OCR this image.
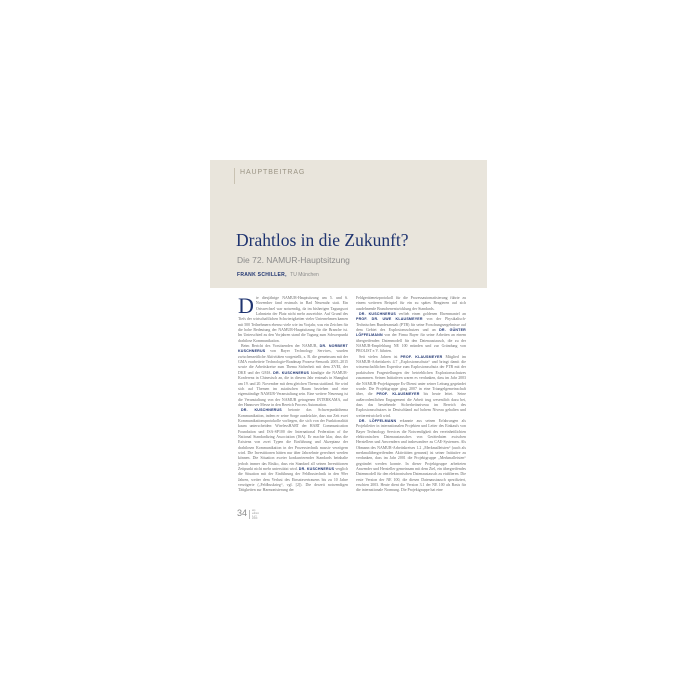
HAUPTBEITRAG
Drahtlos in die Zukunft?
Die 72. NAMUR-Hauptsitzung
FRANK SCHILLER, TU München

Die diesjährige NAMUR-Hauptsitzung am 5. und 6. November fand erstmals in Bad Neuenahr statt. Ein Ortswechsel war notwendig, da im bisherigen Tagungsort Lahnstein der Platz nicht mehr ausreichte. Auf Grund des Tiefs der wirtschaftlichen Schwierigkeiten vieler Unternehmen kamen mit 500 Teilnehmern ebenso viele wie im Vorjahr, was ein Zeichen für die hohe Bedeutung der NAMUR-Hauptsitzung für die Branche ist. Im Unterschied zu den Vorjahren stand die Tagung zum Schwerpunkt drahtlose Kommunikation.

Beim Bericht des Vorsitzenden der NAMUR, DR. NORBERT KUSCHNERUS von Bayer Technology Services, wurden zwischenzeitliche Aktivitäten vorgestellt, z. B. die gemeinsam mit der GMA erarbeitete Technologie-Roadmap Prozess-Sensorik 2005–2015 sowie die Arbeitskreise zum Thema Sicherheit mit dem ZVEI, der DKE und der GMA. DR. KUSCHNERUS kündigte die NAMUR-Konferenz in Chinesisch an, die in diesem Jahr erstmals in Shanghai am 19. und 20. November mit dem gleichen Thema stattfand. Sie wird sich auf Themen im asiatischen Raum beziehen und eine eigenständige NAMUR-Veranstaltung sein. Eine weitere Neuerung ist die Veranstaltung von der NAMUR getragenen INTERKAMA, auf der Hannover Messe in den Bereich Process Automation.

DR. KUSCHNERUS betonte das Schwerpunktthema Kommunikation, indem er seine Sorge ausdrückte, dass nur Zeit zwei Kommunikationsprotokolle vorliegen, die sich von der Funktionalität kaum unterscheiden: WirelessHART der HART Communication Foundation und ISA-SP100 der International Federation of the National Standardizing Association (ISA). Er machte klar, dass die Existenz von zwei Typen die Einführung und Akzeptanz der drahtlosen Kommunikation in der Prozesstechnik massiv verzögern wird. Die Investitionen hätten nur über Jahrzehnte gerechnet werden können. Die Situation zweier konkurrierender Standards beinhalte jedoch immer das Risiko, dass ein Standard all seinen Investitionen Zeitpunkt nicht mehr unterstützt wird. DR. KUSCHNERUS verglich die Situation mit der Einführung der Feldbustechnik in den 90er Jahren, weiter dem Verlust des Einsatzvertrauens bis zu 10 Jahre verzögerte („Feldbuskrieg“, vgl. [2]). Die derzeit notwendigen Tätigkeiten zur Harmonisierung der

Feldgerätenetzprotokoll für die Prozessautomatisierung führte zu einem weiteren Beispiel für ein zu spätes Reagieren auf sich ausdehnende Branchenentwicklung der Standards.

DR. KUSCHNERUS verlieh einen goldenen Ehrenmantel an PROF. DR. UWE KLAUSMEYER von der Physikalisch-Technischen Bundesanstalt (PTB) für seine Forschungsergebnisse auf dem Gebiet des Explosionsschutzes und an DR. GÜNTER LÖFFELMANN von der Firma Bayer für seine Arbeiten an einem übergreifenden Datenmodell für den Datenaustausch, die zu der NAMUR-Empfehlung NE 100 münden und zur Gründung von PROLIST e.V. führten.

Seit vielen Jahren ist PROF. KLAUSMEYER Mitglied im NAMUR-Arbeitskreis 4.7 „Explosionsschutz“ und bringt damit die wissenschaftlichen Expertise zum Explosionsschutz der PTB mit der praktischen Fragestellungen der betrieblichen Explosionsschutzes zusammen. Seinen Initiativen waren es verdanken, dass im Jahr 2003 die NAMUR-Projektgruppe Ex-Dienst unter seiner Leitung gegründet wurde. Die Projektgruppe ging 2007 in eine Triangelgemeinschaft über, die PROF. KLAUSMEYER bis heute leitet. Seine außerordentlichen Engagement die Arbeit trug wesentlich dazu bei, dass das bestehende Sicherheitsniveau im Bereich des Explosionsschutzes in Deutschland auf hohem Niveau gehalten und weiterentwickelt wird.

DR. LÖFFELMANN erkannte aus seinen Erfahrungen als Projektleiter in internationalen Projekten und Leiter des Einkaufs von Bayer Technology Services die Notwendigkeit des vereinheitlichten elektronischen Datenaustausches von Gerätedaten zwischen Herstellern und Anwendern und insbesondere zu CAE-Systemen. Als Obmann des NAMUR-Arbeitskreises 1.2 „Merkmalleisten“ (auch als merkmalübergreifenden Aktivitäten genannt) ist seiner Initiative zu verdanken, dass im Jahr 2001 die Projektgruppe „Merkmalleisten“ gegründet werden konnte. In dieser Projektgruppe arbeiteten Anwender und Hersteller gemeinsam mit dem Ziel, ein übergreifendes Datenmodell für den elektronischen Datenaustausch zu etablieren. Die erste Version der NE 100, die diesen Datenaustausch spezifiziert, erschien 2003. Heute dient die Version 3.1 der NE 100 als Basis für die internationale Normung. Die Projektgruppe hat eine

34 atp edition
1-2 / 2009
